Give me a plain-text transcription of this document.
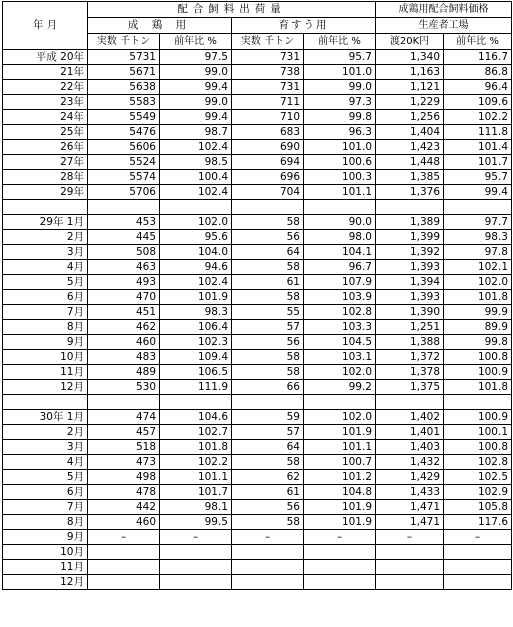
年 月	配合飼料出荷量				成鶏用配合飼料価格	
	成 鶏 用		育すう用		生産者工場	
	実数 千トン	前年比 %	実数 千トン	前年比 %	渡20K円	前年比 %
平成 20年	5731	97.5	731	95.7	1,340	116.7
21年	5671	99.0	738	101.0	1,163	86.8
22年	5638	99.4	731	99.0	1,121	96.4
23年	5583	99.0	711	97.3	1,229	109.6
24年	5549	99.4	710	99.8	1,256	102.2
25年	5476	98.7	683	96.3	1,404	111.8
26年	5606	102.4	690	101.0	1,423	101.4
27年	5524	98.5	694	100.6	1,448	101.7
28年	5574	100.4	696	100.3	1,385	95.7
29年	5706	102.4	704	101.1	1,376	99.4

29年 1月	453	102.0	58	90.0	1,389	97.7
2月	445	95.6	56	98.0	1,399	98.3
3月	508	104.0	64	104.1	1,392	97.8
4月	463	94.6	58	96.7	1,393	102.1
5月	493	102.4	61	107.9	1,394	102.0
6月	470	101.9	58	103.9	1,393	101.8
7月	451	98.3	55	102.8	1,390	99.9
8月	462	106.4	57	103.3	1,251	89.9
9月	460	102.3	56	104.5	1,388	99.8
10月	483	109.4	58	103.1	1,372	100.8
11月	489	106.5	58	102.0	1,378	100.9
12月	530	111.9	66	99.2	1,375	101.8

30年 1月	474	104.6	59	102.0	1,402	100.9
2月	457	102.7	57	101.9	1,401	100.1
3月	518	101.8	64	101.1	1,403	100.8
4月	473	102.2	58	100.7	1,432	102.8
5月	498	101.1	62	101.2	1,429	102.5
6月	478	101.7	61	104.8	1,433	102.9
7月	442	98.1	56	101.9	1,471	105.8
8月	460	99.5	58	101.9	1,471	117.6
9月	–	–	–	–	–	–
10月						
11月						
12月						
